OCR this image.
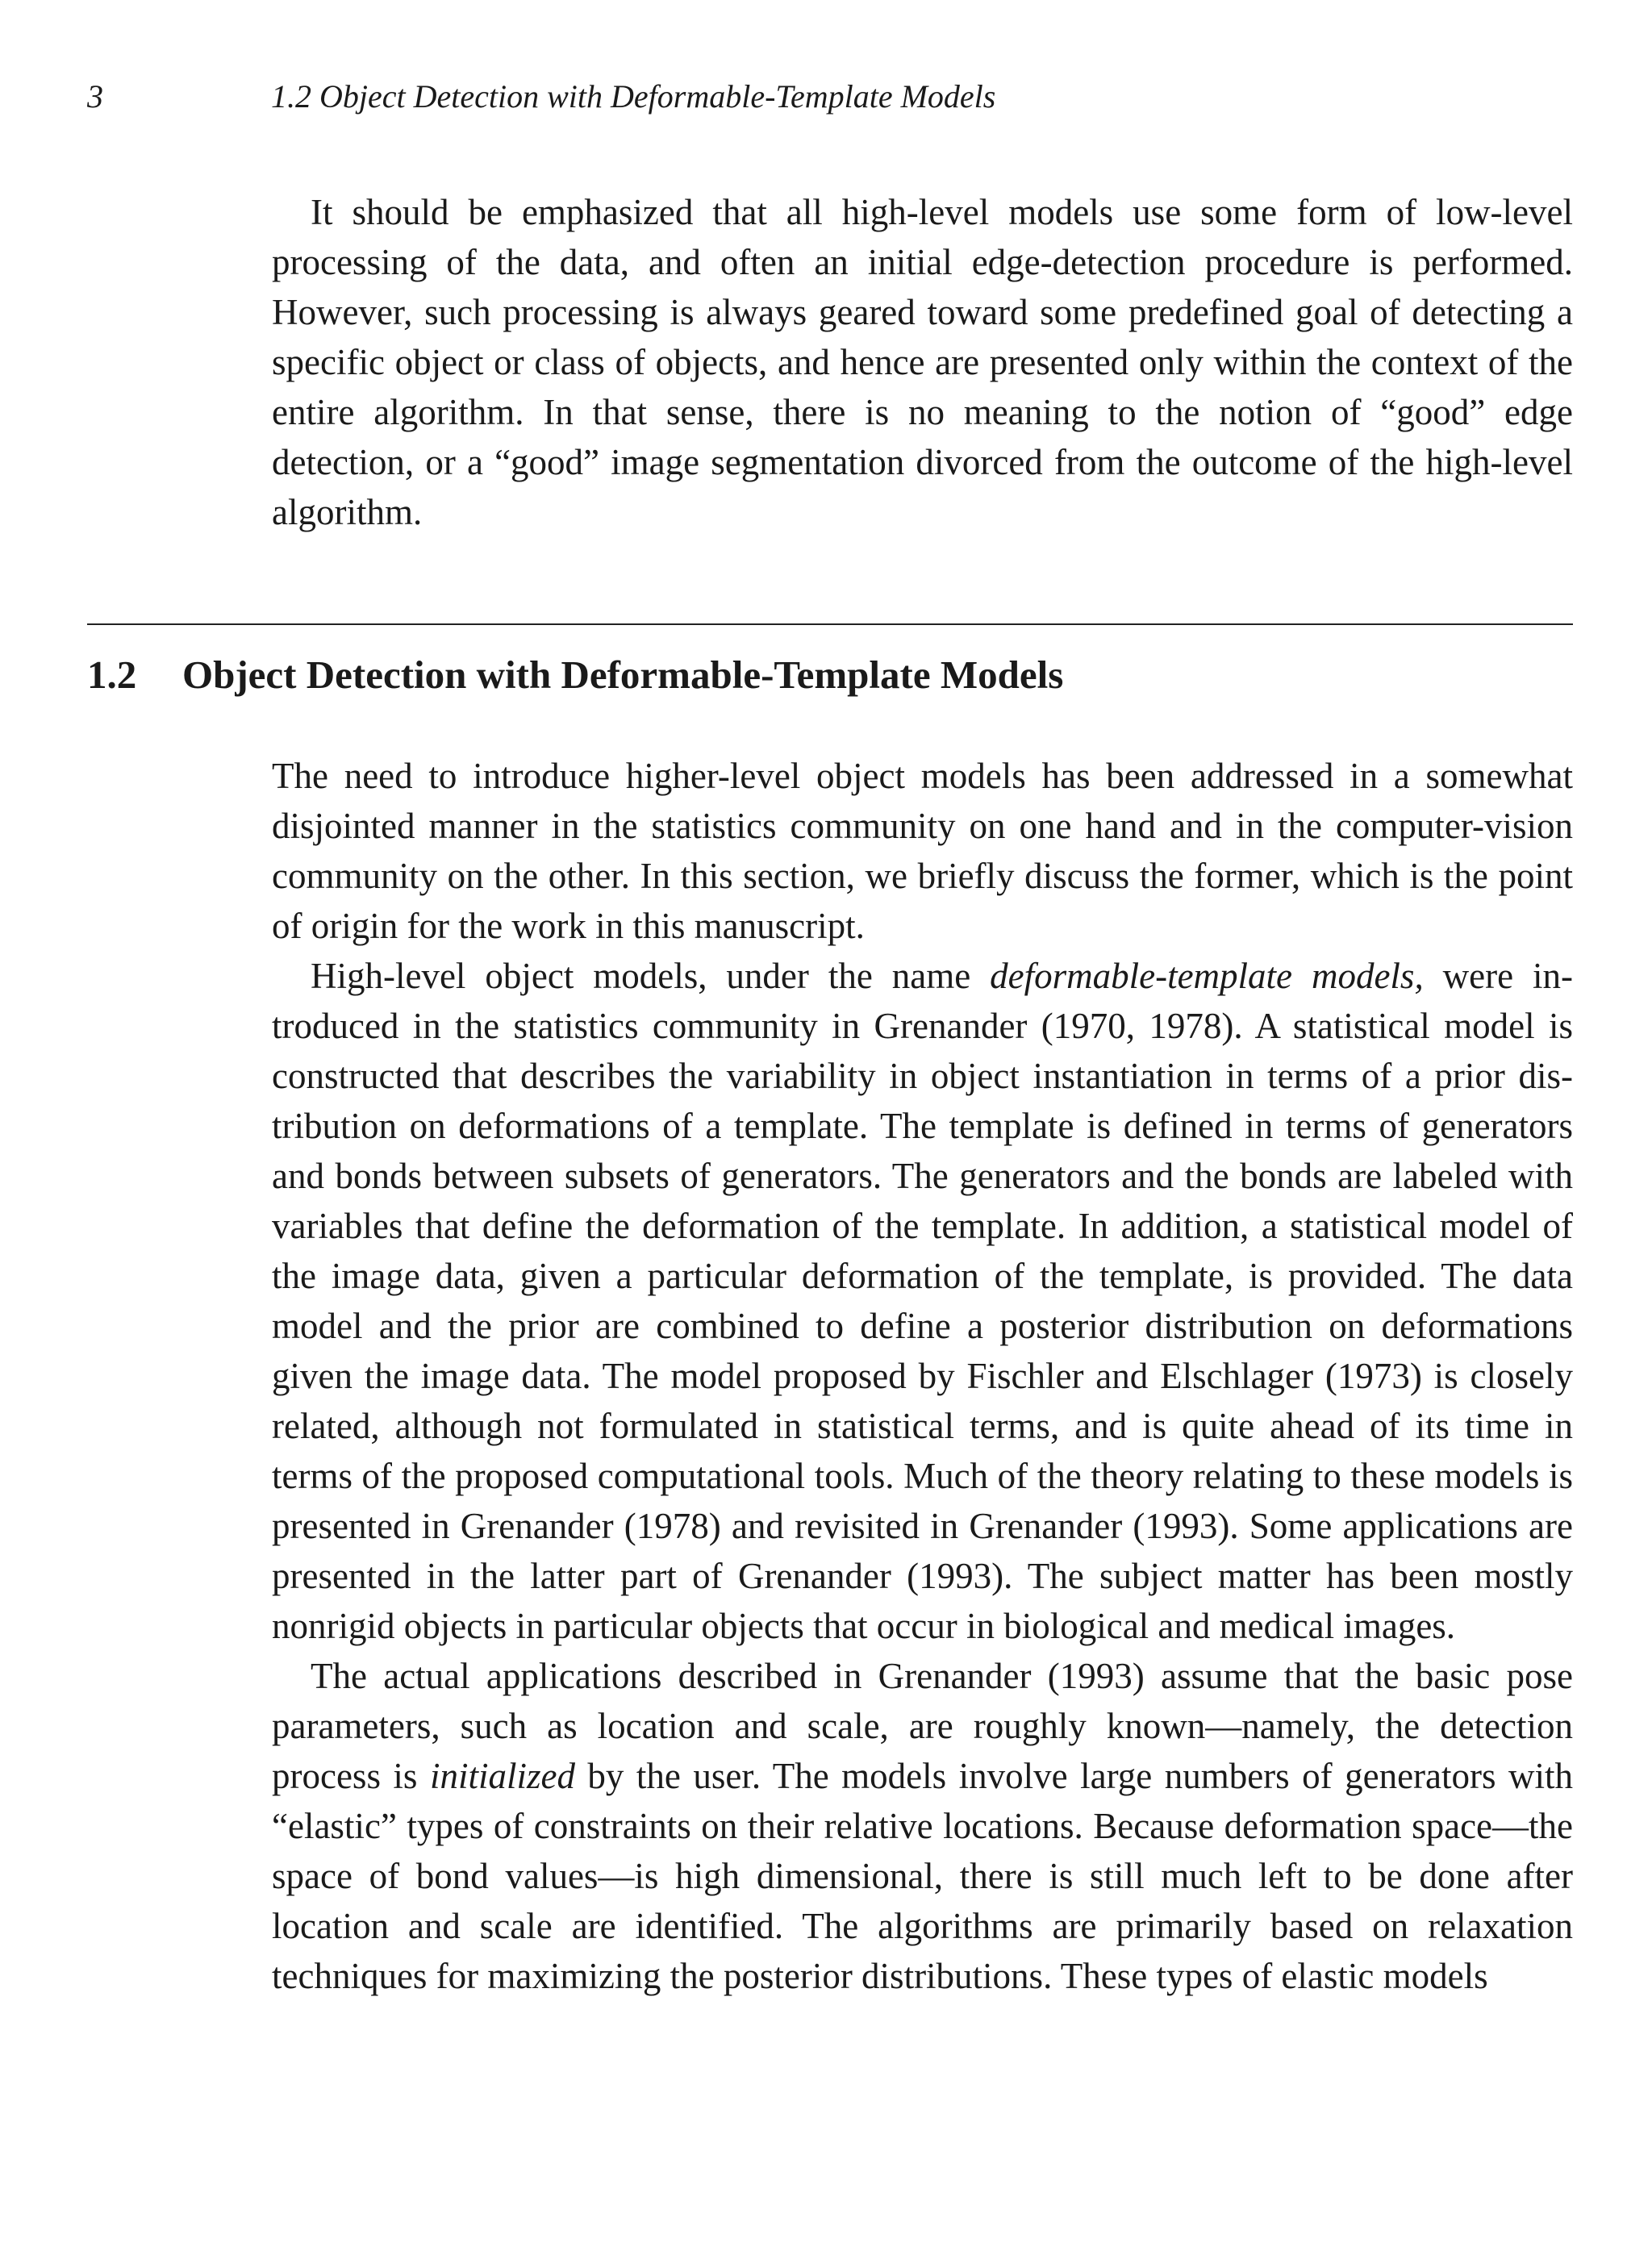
3	1.2 Object Detection with Deformable-Template Models

It should be emphasized that all high-level models use some form of low-level processing of the data, and often an initial edge-detection procedure is performed. However, such processing is always geared toward some predefined goal of detecting a specific object or class of objects, and hence are presented only within the context of the entire algorithm. In that sense, there is no meaning to the notion of “good” edge detection, or a “good” image segmentation divorced from the outcome of the high-level algorithm.

1.2 Object Detection with Deformable-Template Models

The need to introduce higher-level object models has been addressed in a somewhat disjointed manner in the statistics community on one hand and in the computer-vision community on the other. In this section, we briefly discuss the former, which is the point of origin for the work in this manuscript.

High-level object models, under the name deformable-template models, were introduced in the statistics community in Grenander (1970, 1978). A statistical model is constructed that describes the variability in object instantiation in terms of a prior distribution on deformations of a template. The template is defined in terms of generators and bonds between subsets of generators. The generators and the bonds are labeled with variables that define the deformation of the template. In addition, a statistical model of the image data, given a particular deformation of the template, is provided. The data model and the prior are combined to define a posterior distribution on deformations given the image data. The model proposed by Fischler and Elschlager (1973) is closely related, although not formulated in statistical terms, and is quite ahead of its time in terms of the proposed computational tools. Much of the theory relating to these models is presented in Grenander (1978) and revisited in Grenander (1993). Some applications are presented in the latter part of Grenander (1993). The subject matter has been mostly nonrigid objects in particular objects that occur in biological and medical images.

The actual applications described in Grenander (1993) assume that the basic pose parameters, such as location and scale, are roughly known—namely, the detection process is initialized by the user. The models involve large numbers of generators with “elastic” types of constraints on their relative locations. Because deformation space—the space of bond values—is high dimensional, there is still much left to be done after location and scale are identified. The algorithms are primarily based on relaxation techniques for maximizing the posterior distributions. These types of elastic models
